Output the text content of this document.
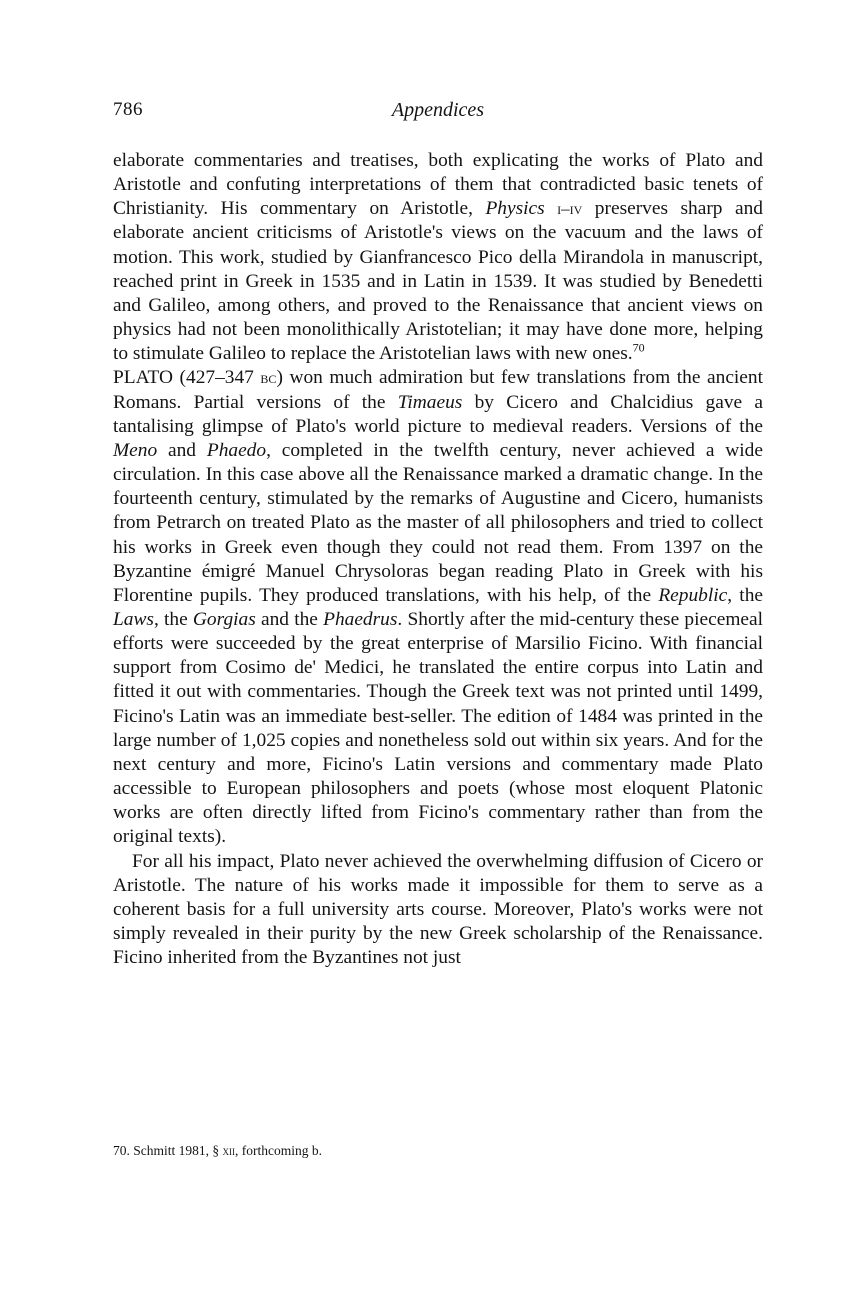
786	Appendices

elaborate commentaries and treatises, both explicating the works of Plato and Aristotle and confuting interpretations of them that contradicted basic tenets of Christianity. His commentary on Aristotle, Physics i–iv preserves sharp and elaborate ancient criticisms of Aristotle's views on the vacuum and the laws of motion. This work, studied by Gianfrancesco Pico della Mirandola in manuscript, reached print in Greek in 1535 and in Latin in 1539. It was studied by Benedetti and Galileo, among others, and proved to the Renaissance that ancient views on physics had not been monolithically Aristotelian; it may have done more, helping to stimulate Galileo to replace the Aristotelian laws with new ones.$^{70}$

PLATO (427–347 bc) won much admiration but few translations from the ancient Romans. Partial versions of the Timaeus by Cicero and Chalcidius gave a tantalising glimpse of Plato's world picture to medieval readers. Versions of the Meno and Phaedo, completed in the twelfth century, never achieved a wide circulation. In this case above all the Renaissance marked a dramatic change. In the fourteenth century, stimulated by the remarks of Augustine and Cicero, humanists from Petrarch on treated Plato as the master of all philosophers and tried to collect his works in Greek even though they could not read them. From 1397 on the Byzantine émigré Manuel Chrysoloras began reading Plato in Greek with his Florentine pupils. They produced translations, with his help, of the Republic, the Laws, the Gorgias and the Phaedrus. Shortly after the mid-century these piecemeal efforts were succeeded by the great enterprise of Marsilio Ficino. With financial support from Cosimo de' Medici, he translated the entire corpus into Latin and fitted it out with commentaries. Though the Greek text was not printed until 1499, Ficino's Latin was an immediate best-seller. The edition of 1484 was printed in the large number of 1,025 copies and nonetheless sold out within six years. And for the next century and more, Ficino's Latin versions and commentary made Plato accessible to European philosophers and poets (whose most eloquent Platonic works are often directly lifted from Ficino's commentary rather than from the original texts).

For all his impact, Plato never achieved the overwhelming diffusion of Cicero or Aristotle. The nature of his works made it impossible for them to serve as a coherent basis for a full university arts course. Moreover, Plato's works were not simply revealed in their purity by the new Greek scholarship of the Renaissance. Ficino inherited from the Byzantines not just

70. Schmitt 1981, § xii, forthcoming b.
